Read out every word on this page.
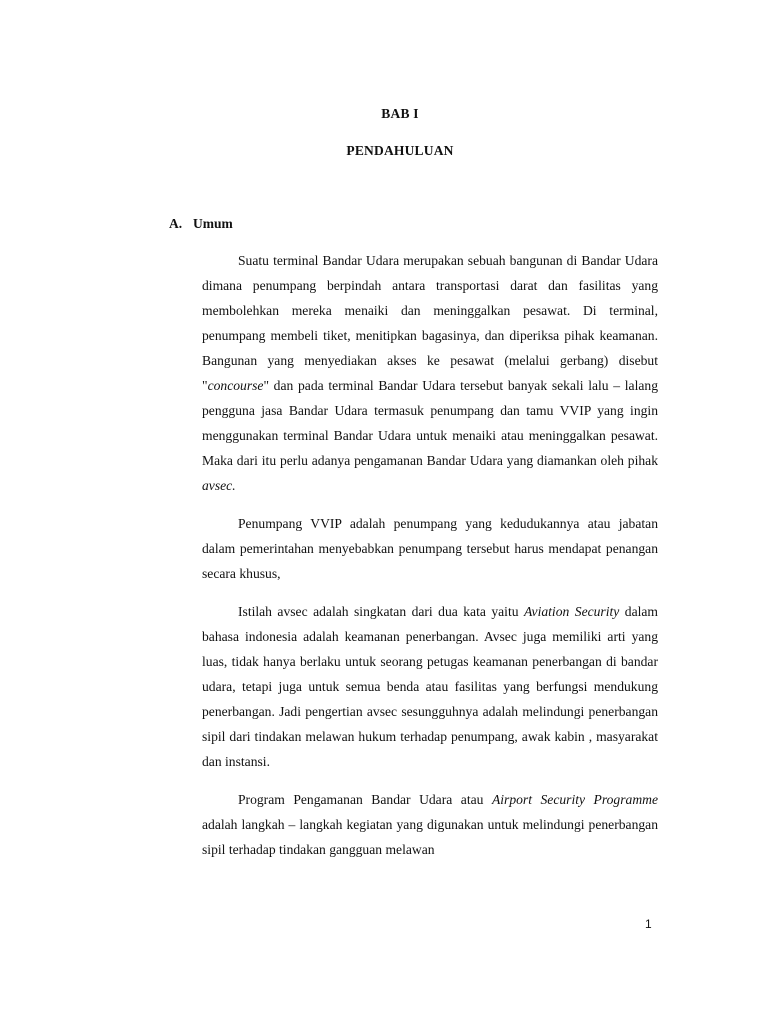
BAB I
PENDAHULUAN
A. Umum

Suatu terminal Bandar Udara merupakan sebuah bangunan di Bandar Udara dimana penumpang berpindah antara transportasi darat dan fasilitas yang membolehkan mereka menaiki dan meninggalkan pesawat. Di terminal, penumpang membeli tiket, menitipkan bagasinya, dan diperiksa pihak keamanan. Bangunan yang menyediakan akses ke pesawat (melalui gerbang) disebut "concourse" dan pada terminal Bandar Udara tersebut banyak sekali lalu – lalang pengguna jasa Bandar Udara termasuk penumpang dan tamu VVIP yang ingin menggunakan terminal Bandar Udara untuk menaiki atau meninggalkan pesawat. Maka dari itu perlu adanya pengamanan Bandar Udara yang diamankan oleh pihak avsec.

Penumpang VVIP adalah penumpang yang kedudukannya atau jabatan dalam pemerintahan menyebabkan penumpang tersebut harus mendapat penangan secara khusus,

Istilah avsec adalah singkatan dari dua kata yaitu Aviation Security dalam bahasa indonesia adalah keamanan penerbangan. Avsec juga memiliki arti yang luas, tidak hanya berlaku untuk seorang petugas keamanan penerbangan di bandar udara, tetapi juga untuk semua benda atau fasilitas yang berfungsi mendukung penerbangan. Jadi pengertian avsec sesungguhnya adalah melindungi penerbangan sipil dari tindakan melawan hukum terhadap penumpang, awak kabin , masyarakat dan instansi.

Program Pengamanan Bandar Udara atau Airport Security Programme adalah langkah – langkah kegiatan yang digunakan untuk melindungi penerbangan sipil terhadap tindakan gangguan melawan

1
